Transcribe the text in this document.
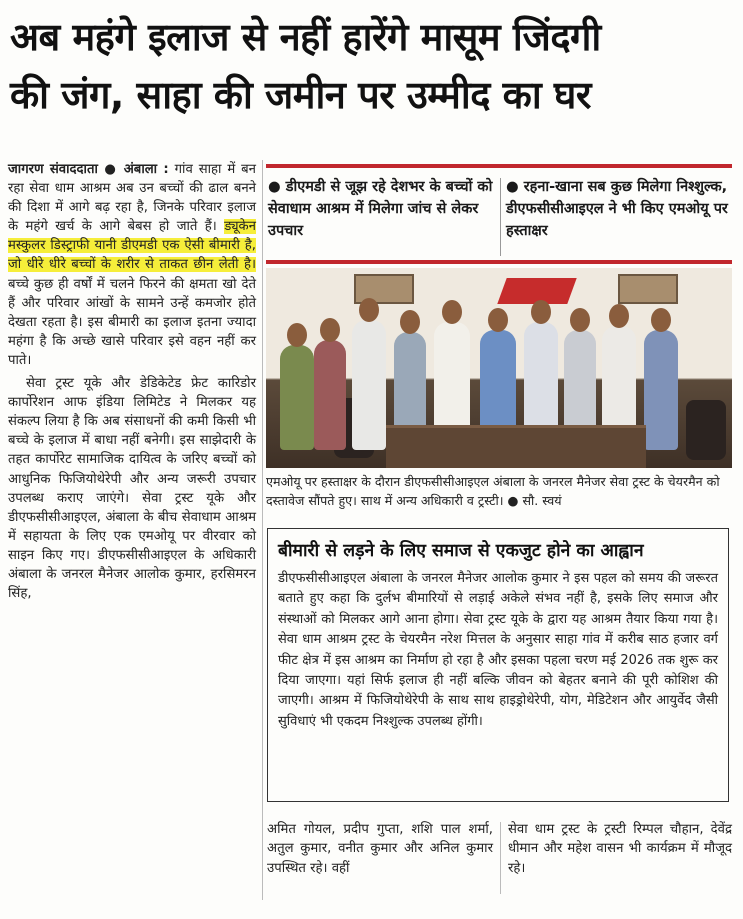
अब महंगे इलाज से नहीं हारेंगे मासूम जिंदगी
की जंग, साहा की जमीन पर उम्मीद का घर

जागरण संवाददाता ● अंबाला : गांव साहा में बन रहा सेवा धाम आश्रम अब उन बच्चों की ढाल बनने की दिशा में आगे बढ़ रहा है, जिनके परिवार इलाज के महंगे खर्च के आगे बेबस हो जाते हैं। ड्यूकेन मस्कुलर डिस्ट्राफी यानी डीएमडी एक ऐसी बीमारी है, जो धीरे धीरे बच्चों के शरीर से ताकत छीन लेती है। बच्चे कुछ ही वर्षों में चलने फिरने की क्षमता खो देते हैं और परिवार आंखों के सामने उन्हें कमजोर होते देखता रहता है। इस बीमारी का इलाज इतना ज्यादा महंगा है कि अच्छे खासे परिवार इसे वहन नहीं कर पाते।

सेवा ट्रस्ट यूके और डेडिकेटेड फ्रेट कारिडोर कार्पोरेशन आफ इंडिया लिमिटेड ने मिलकर यह संकल्प लिया है कि अब संसाधनों की कमी किसी भी बच्चे के इलाज में बाधा नहीं बनेगी। इस साझेदारी के तहत कार्पोरेट सामाजिक दायित्व के जरिए बच्चों को आधुनिक फिजियोथेरेपी और अन्य जरूरी उपचार उपलब्ध कराए जाएंगे। सेवा ट्रस्ट यूके और डीएफसीसीआइएल, अंबाला के बीच सेवाधाम आश्रम में सहायता के लिए एक एमओयू पर वीरवार को साइन किए गए। डीएफसीसीआइएल के अधिकारी अंबाला के जनरल मैनेजर आलोक कुमार, हरसिमरन सिंह,

● डीएमडी से जूझ रहे देशभर के बच्चों को सेवाधाम आश्रम में मिलेगा जांच से लेकर उपचार
● रहना-खाना सब कुछ मिलेगा निश्शुल्क, डीएफसीसीआइएल ने भी किए एमओयू पर हस्ताक्षर
एमओयू पर हस्ताक्षर के दौरान डीएफसीसीआइएल अंबाला के जनरल मैनेजर सेवा ट्रस्ट के चेयरमैन को दस्तावेज सौंपते हुए। साथ में अन्य अधिकारी व ट्रस्टी। ● सौ. स्वयं
बीमारी से लड़ने के लिए समाज से एकजुट होने का आह्वान
डीएफसीसीआइएल अंबाला के जनरल मैनेजर आलोक कुमार ने इस पहल को समय की जरूरत बताते हुए कहा कि दुर्लभ बीमारियों से लड़ाई अकेले संभव नहीं है, इसके लिए समाज और संस्थाओं को मिलकर आगे आना होगा। सेवा ट्रस्ट यूके के द्वारा यह आश्रम तैयार किया गया है। सेवा धाम आश्रम ट्रस्ट के चेयरमैन नरेश मित्तल के अनुसार साहा गांव में करीब साठ हजार वर्ग फीट क्षेत्र में इस आश्रम का निर्माण हो रहा है और इसका पहला चरण मई 2026 तक शुरू कर दिया जाएगा। यहां सिर्फ इलाज ही नहीं बल्कि जीवन को बेहतर बनाने की पूरी कोशिश की जाएगी। आश्रम में फिजियोथेरेपी के साथ साथ हाइड्रोथेरेपी, योग, मेडिटेशन और आयुर्वेद जैसी सुविधाएं भी एकदम निश्शुल्क उपलब्ध होंगी।
अमित गोयल, प्रदीप गुप्ता, शशि पाल शर्मा, अतुल कुमार, वनीत कुमार और अनिल कुमार उपस्थित रहे। वहीं
सेवा धाम ट्रस्ट के ट्रस्टी रिम्पल चौहान, देवेंद्र धीमान और महेश वासन भी कार्यक्रम में मौजूद रहे।
